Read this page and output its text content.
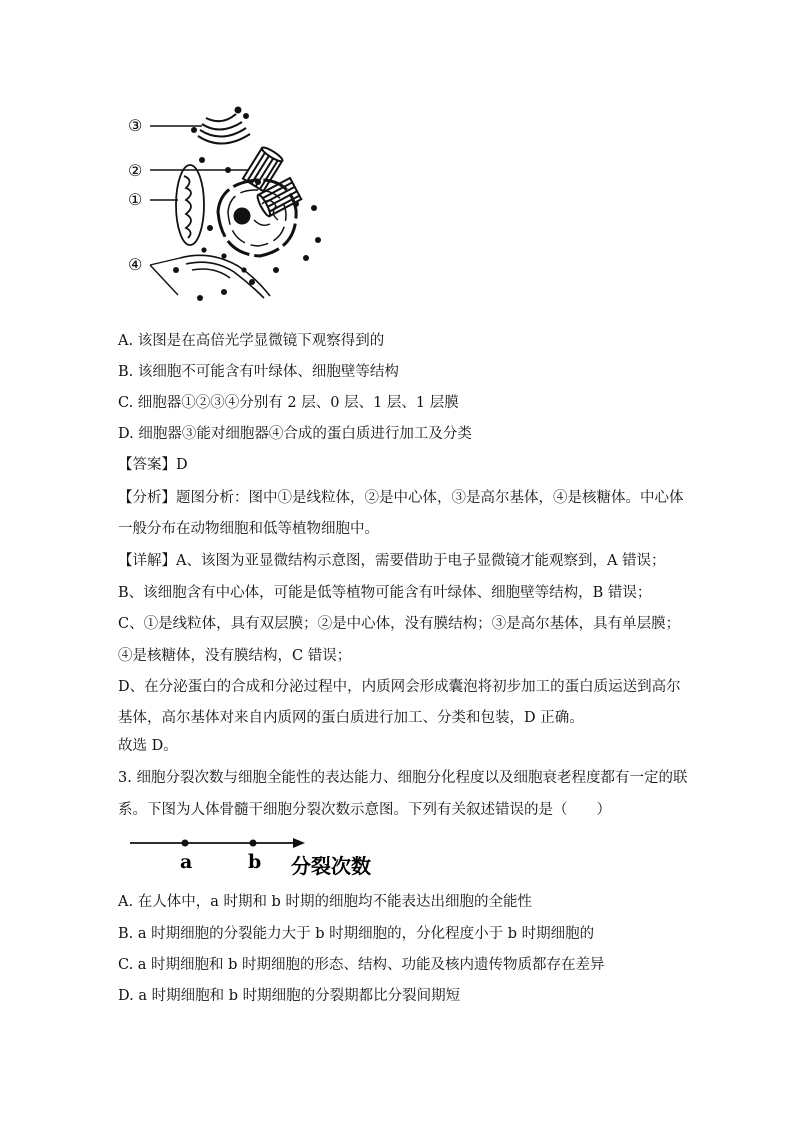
③
②
①
④
A. 该图是在高倍光学显微镜下观察得到的
B. 该细胞不可能含有叶绿体、细胞壁等结构
C. 细胞器①②③④分别有 2 层、0 层、1 层、1 层膜
D. 细胞器③能对细胞器④合成的蛋白质进行加工及分类
【答案】D
【分析】题图分析：图中①是线粒体，②是中心体，③是高尔基体，④是核糖体。中心体
一般分布在动物细胞和低等植物细胞中。
【详解】A、该图为亚显微结构示意图，需要借助于电子显微镜才能观察到，A 错误；
B、该细胞含有中心体，可能是低等植物可能含有叶绿体、细胞壁等结构，B 错误；
C、①是线粒体，具有双层膜；②是中心体，没有膜结构；③是高尔基体，具有单层膜；
④是核糖体，没有膜结构，C 错误；
D、在分泌蛋白的合成和分泌过程中，内质网会形成囊泡将初步加工的蛋白质运送到高尔
基体，高尔基体对来自内质网的蛋白质进行加工、分类和包装，D 正确。
故选 D。
3. 细胞分裂次数与细胞全能性的表达能力、细胞分化程度以及细胞衰老程度都有一定的联
系。下图为人体骨髓干细胞分裂次数示意图。下列有关叙述错误的是（　　）
a	b 分裂次数
A. 在人体中，a 时期和 b 时期的细胞均不能表达出细胞的全能性
B. a 时期细胞的分裂能力大于 b 时期细胞的，分化程度小于 b 时期细胞的
C. a 时期细胞和 b 时期细胞的形态、结构、功能及核内遗传物质都存在差异
D. a 时期细胞和 b 时期细胞的分裂期都比分裂间期短
